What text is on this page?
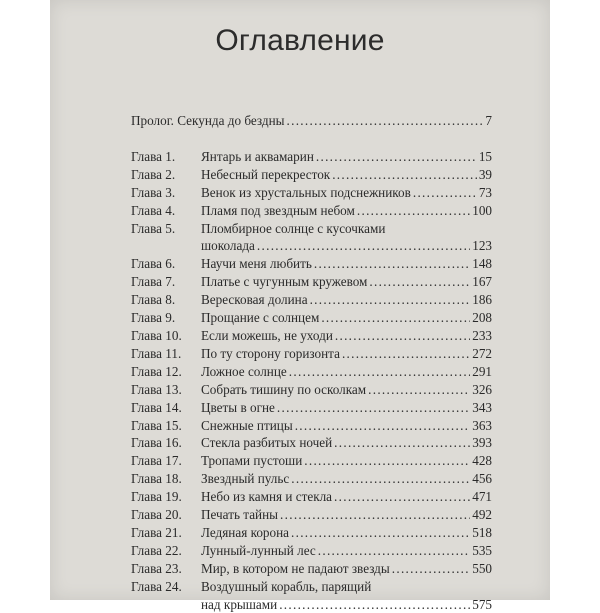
Оглавление
Пролог. Секунда до бездны . . .	7
Глава 1. Янтарь и аквамарин . . .	15
Глава 2. Небесный перекресток . . .	39
Глава 3. Венок из хрустальных подснежников . . .	73
Глава 4. Пламя под звездным небом . . .	100
Глава 5. Пломбирное солнце с кусочками
шоколада . . .	123
Глава 6. Научи меня любить . . .	148
Глава 7. Платье с чугунным кружевом . . .	167
Глава 8. Вересковая долина . . .	186
Глава 9. Прощание с солнцем . . .	208
Глава 10. Если можешь, не уходи . . .	233
Глава 11. По ту сторону горизонта . . .	272
Глава 12. Ложное солнце . . .	291
Глава 13. Собрать тишину по осколкам . . .	326
Глава 14. Цветы в огне . . .	343
Глава 15. Снежные птицы . . .	363
Глава 16. Стекла разбитых ночей . . .	393
Глава 17. Тропами пустоши . . .	428
Глава 18. Звездный пульс . . .	456
Глава 19. Небо из камня и стекла . . .	471
Глава 20. Печать тайны . . .	492
Глава 21. Ледяная корона . . .	518
Глава 22. Лунный-лунный лес . . .	535
Глава 23. Мир, в котором не падают звезды . . .	550
Глава 24. Воздушный корабль, парящий
над крышами . . .	575
